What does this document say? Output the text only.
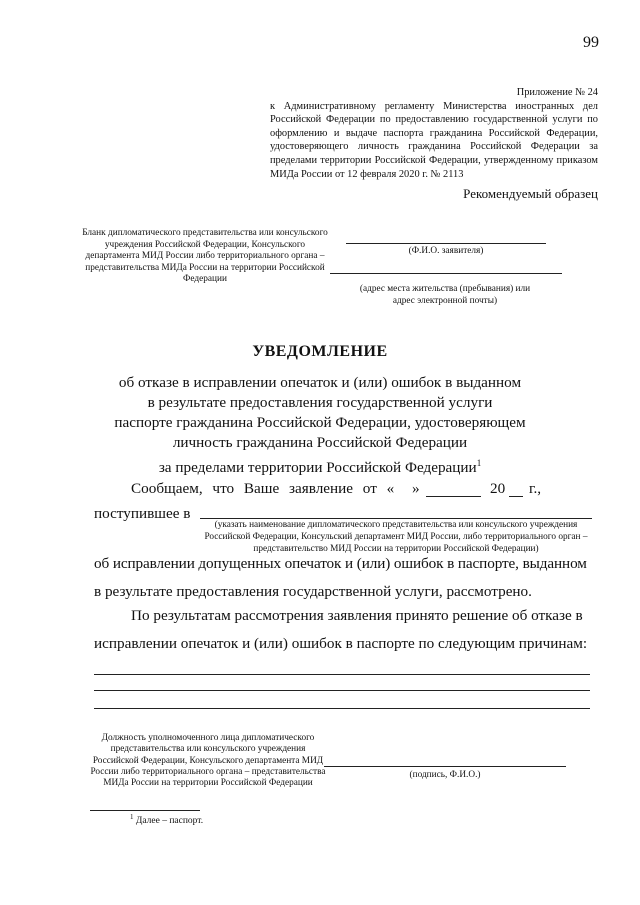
99
Приложение № 24
к Административному регламенту Министерства иностранных дел Российской Федерации по предоставлению государственной услуги по оформлению и выдаче паспорта гражданина Российской Федерации, удостоверяющего личность гражданина Российской Федерации за пределами территории Российской Федерации, утвержденному приказом МИДа России от 12 февраля 2020 г. № 2113
Рекомендуемый образец
Бланк дипломатического представительства или консульского учреждения Российской Федерации, Консульского департамента МИД России либо территориального органа – представительства МИДа России на территории Российской Федерации
(Ф.И.О. заявителя)
(адрес места жительства (пребывания) или адрес электронной почты)
УВЕДОМЛЕНИЕ
об отказе в исправлении опечаток и (или) ошибок в выданном
в результате предоставления государственной услуги
паспорте гражданина Российской Федерации, удостоверяющем
личность гражданина Российской Федерации
за пределами территории Российской Федерации$^1$
Сообщаем, что Ваше заявление от « »	20 г.,
поступившее в
(указать наименование дипломатического представительства или консульского учреждения Российской Федерации, Консульский департамент МИД России, либо территориального орган – представительство МИД России на территории Российской Федерации)
об исправлении допущенных опечаток и (или) ошибок в паспорте, выданном
в результате предоставления государственной услуги, рассмотрено.
По результатам рассмотрения заявления принято решение об отказе в
исправлении опечаток и (или) ошибок в паспорте по следующим причинам:
Должность уполномоченного лица дипломатического представительства или консульского учреждения Российской Федерации, Консульского департамента МИД России либо территориального органа – представительства МИДа России на территории Российской Федерации
(подпись, Ф.И.О.)
$^1$ Далее – паспорт.
